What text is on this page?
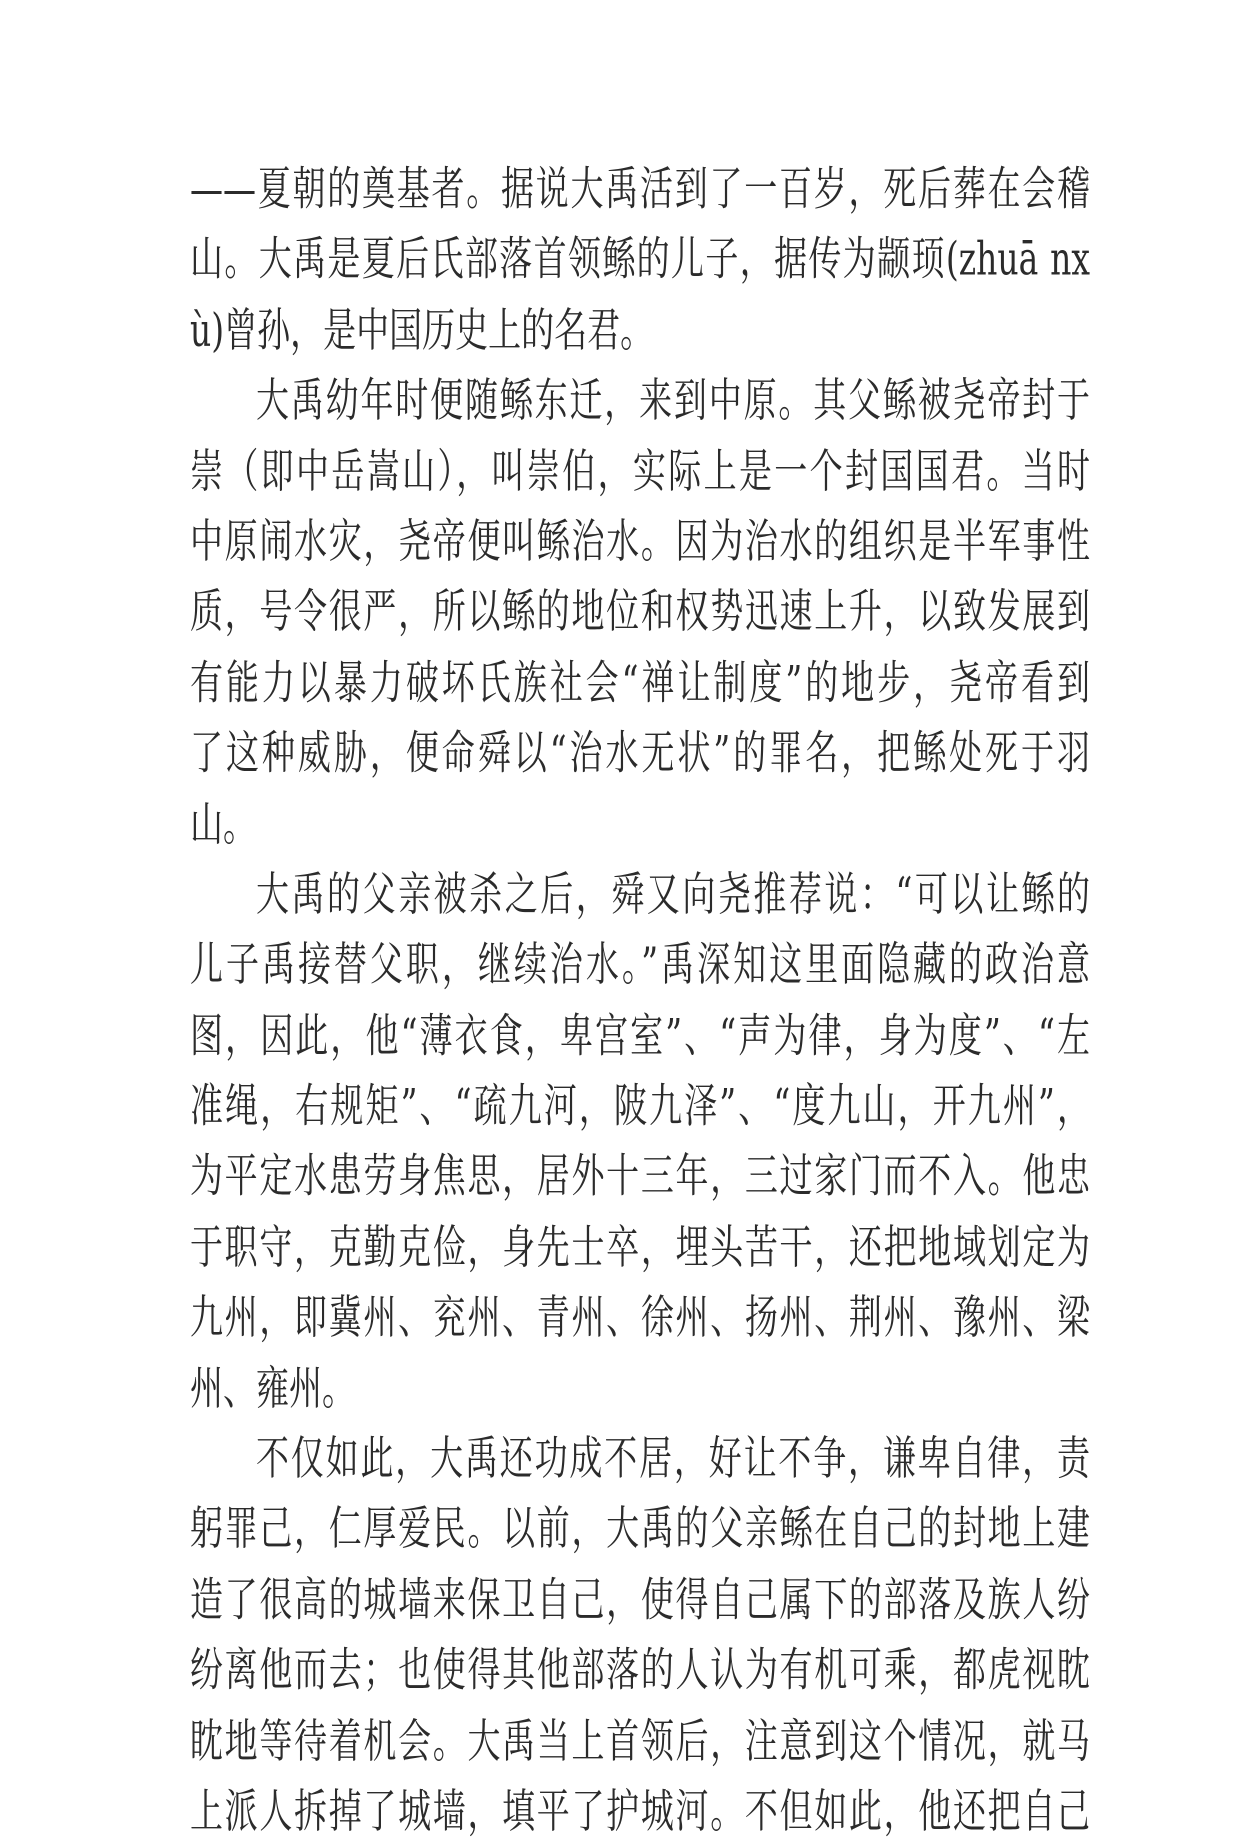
——夏朝的奠基者。据说大禹活到了一百岁，死后葬在会稽
山。大禹是夏后氏部落首领鲧的儿子，据传为颛顼(zhuā nx
ù)曾孙，是中国历史上的名君。
大禹幼年时便随鲧东迁，来到中原。其父鲧被尧帝封于
崇（即中岳嵩山），叫崇伯，实际上是一个封国国君。当时
中原闹水灾，尧帝便叫鲧治水。因为治水的组织是半军事性
质，号令很严，所以鲧的地位和权势迅速上升，以致发展到
有能力以暴力破坏氏族社会“禅让制度”的地步，尧帝看到
了这种威胁，便命舜以“治水无状”的罪名，把鲧处死于羽
山。
大禹的父亲被杀之后，舜又向尧推荐说：“可以让鲧的
儿子禹接替父职，继续治水。”禹深知这里面隐藏的政治意
图，因此，他“薄衣食，卑宫室”、“声为律，身为度”、“左
准绳，右规矩”、“疏九河，陂九泽”、“度九山，开九州”，
为平定水患劳身焦思，居外十三年，三过家门而不入。他忠
于职守，克勤克俭，身先士卒，埋头苦干，还把地域划定为
九州，即冀州、兖州、青州、徐州、扬州、荆州、豫州、梁
州、雍州。
不仅如此，大禹还功成不居，好让不争，谦卑自律，责
躬罪己，仁厚爱民。以前，大禹的父亲鲧在自己的封地上建
造了很高的城墙来保卫自己，使得自己属下的部落及族人纷
纷离他而去；也使得其他部落的人认为有机可乘，都虎视眈
眈地等待着机会。大禹当上首领后，注意到这个情况，就马
上派人拆掉了城墙，填平了护城河。不但如此，他还把自己
